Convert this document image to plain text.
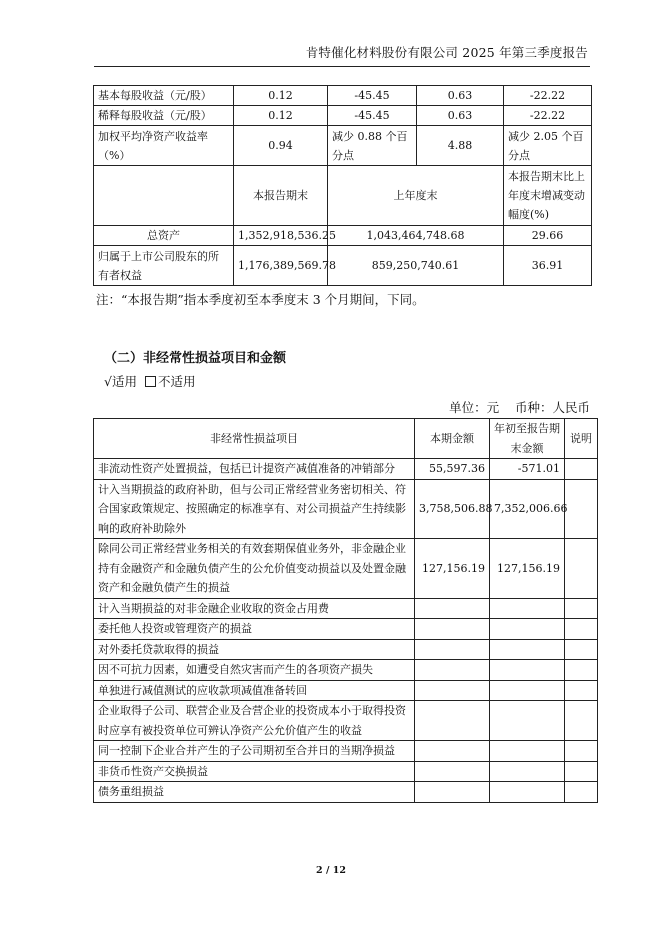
肯特催化材料股份有限公司 2025 年第三季度报告
基本每股收益（元/股）	0.12	-45.45	0.63	-22.22
稀释每股收益（元/股）	0.12	-45.45	0.63	-22.22
加权平均净资产收益率（%）	0.94	减少 0.88 个百分点	4.88	减少 2.05 个百分点
	本报告期末	上年度末		本报告期末比上年度末增减变动幅度(%)
总资产	1,352,918,536.25	1,043,464,748.68		29.66
归属于上市公司股东的所有者权益	1,176,389,569.78	859,250,740.61		36.91
注：“本报告期”指本季度初至本季度末 3 个月期间，下同。
（二）非经常性损益项目和金额
√适用 不适用
单位：元    币种：人民币
非经常性损益项目	本期金额	年初至报告期末金额	说明
非流动性资产处置损益，包括已计提资产减值准备的冲销部分	55,597.36	-571.01	
计入当期损益的政府补助，但与公司正常经营业务密切相关、符合国家政策规定、按照确定的标准享有、对公司损益产生持续影响的政府补助除外	3,758,506.88	7,352,006.66	
除同公司正常经营业务相关的有效套期保值业务外，非金融企业持有金融资产和金融负债产生的公允价值变动损益以及处置金融资产和金融负债产生的损益	127,156.19	127,156.19	
计入当期损益的对非金融企业收取的资金占用费			
委托他人投资或管理资产的损益			
对外委托贷款取得的损益			
因不可抗力因素，如遭受自然灾害而产生的各项资产损失			
单独进行减值测试的应收款项减值准备转回			
企业取得子公司、联营企业及合营企业的投资成本小于取得投资时应享有被投资单位可辨认净资产公允价值产生的收益			
同一控制下企业合并产生的子公司期初至合并日的当期净损益			
非货币性资产交换损益			
债务重组损益			
2 / 12
